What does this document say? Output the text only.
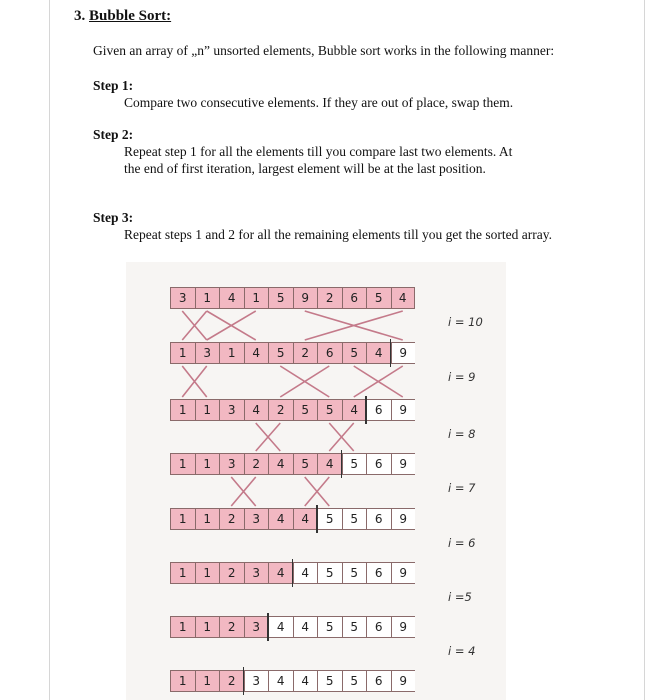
3. Bubble Sort:
Given an array of „n” unsorted elements, Bubble sort works in the following manner:
Step 1:
Compare two consecutive elements. If they are out of place, swap them.
Step 2:
Repeat step 1 for all the elements till you compare last two elements. At the end of first iteration, largest element will be at the last position.
Step 3:
Repeat steps 1 and 2 for all the remaining elements till you get the sorted array.
3	1	4	1	5	9	2	6	5	4
i = 10
1	3	1	4	5	2	6	5	4	9
i = 9
1	1	3	4	2	5	5	4	6	9
i = 8
1	1	3	2	4	5	4	5	6	9
i = 7
1	1	2	3	4	4	5	5	6	9
i = 6
1	1	2	3	4	4	5	5	6	9
i =5
1	1	2	3	4	4	5	5	6	9
i = 4
1	1	2	3	4	4	5	5	6	9
